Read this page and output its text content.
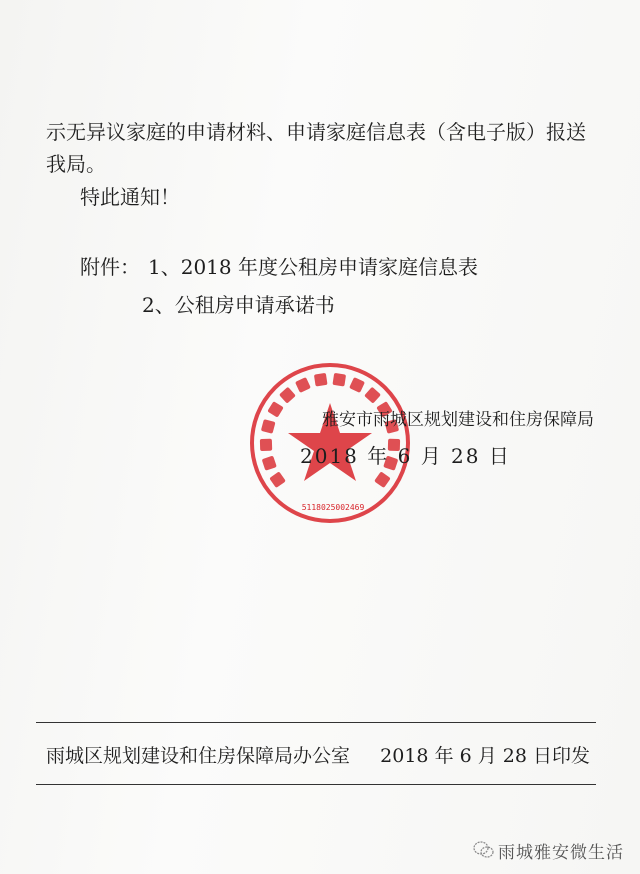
示无异议家庭的申请材料、申请家庭信息表（含电子版）报送
我局。
特此通知！
附件： 1、2018 年度公租房申请家庭信息表
2、公租房申请承诺书
5118025002469
雅安市雨城区规划建设和住房保障局
2018 年 6 月 28 日
雨城区规划建设和住房保障局办公室 2018 年 6 月 28 日印发
雨城雅安微生活
